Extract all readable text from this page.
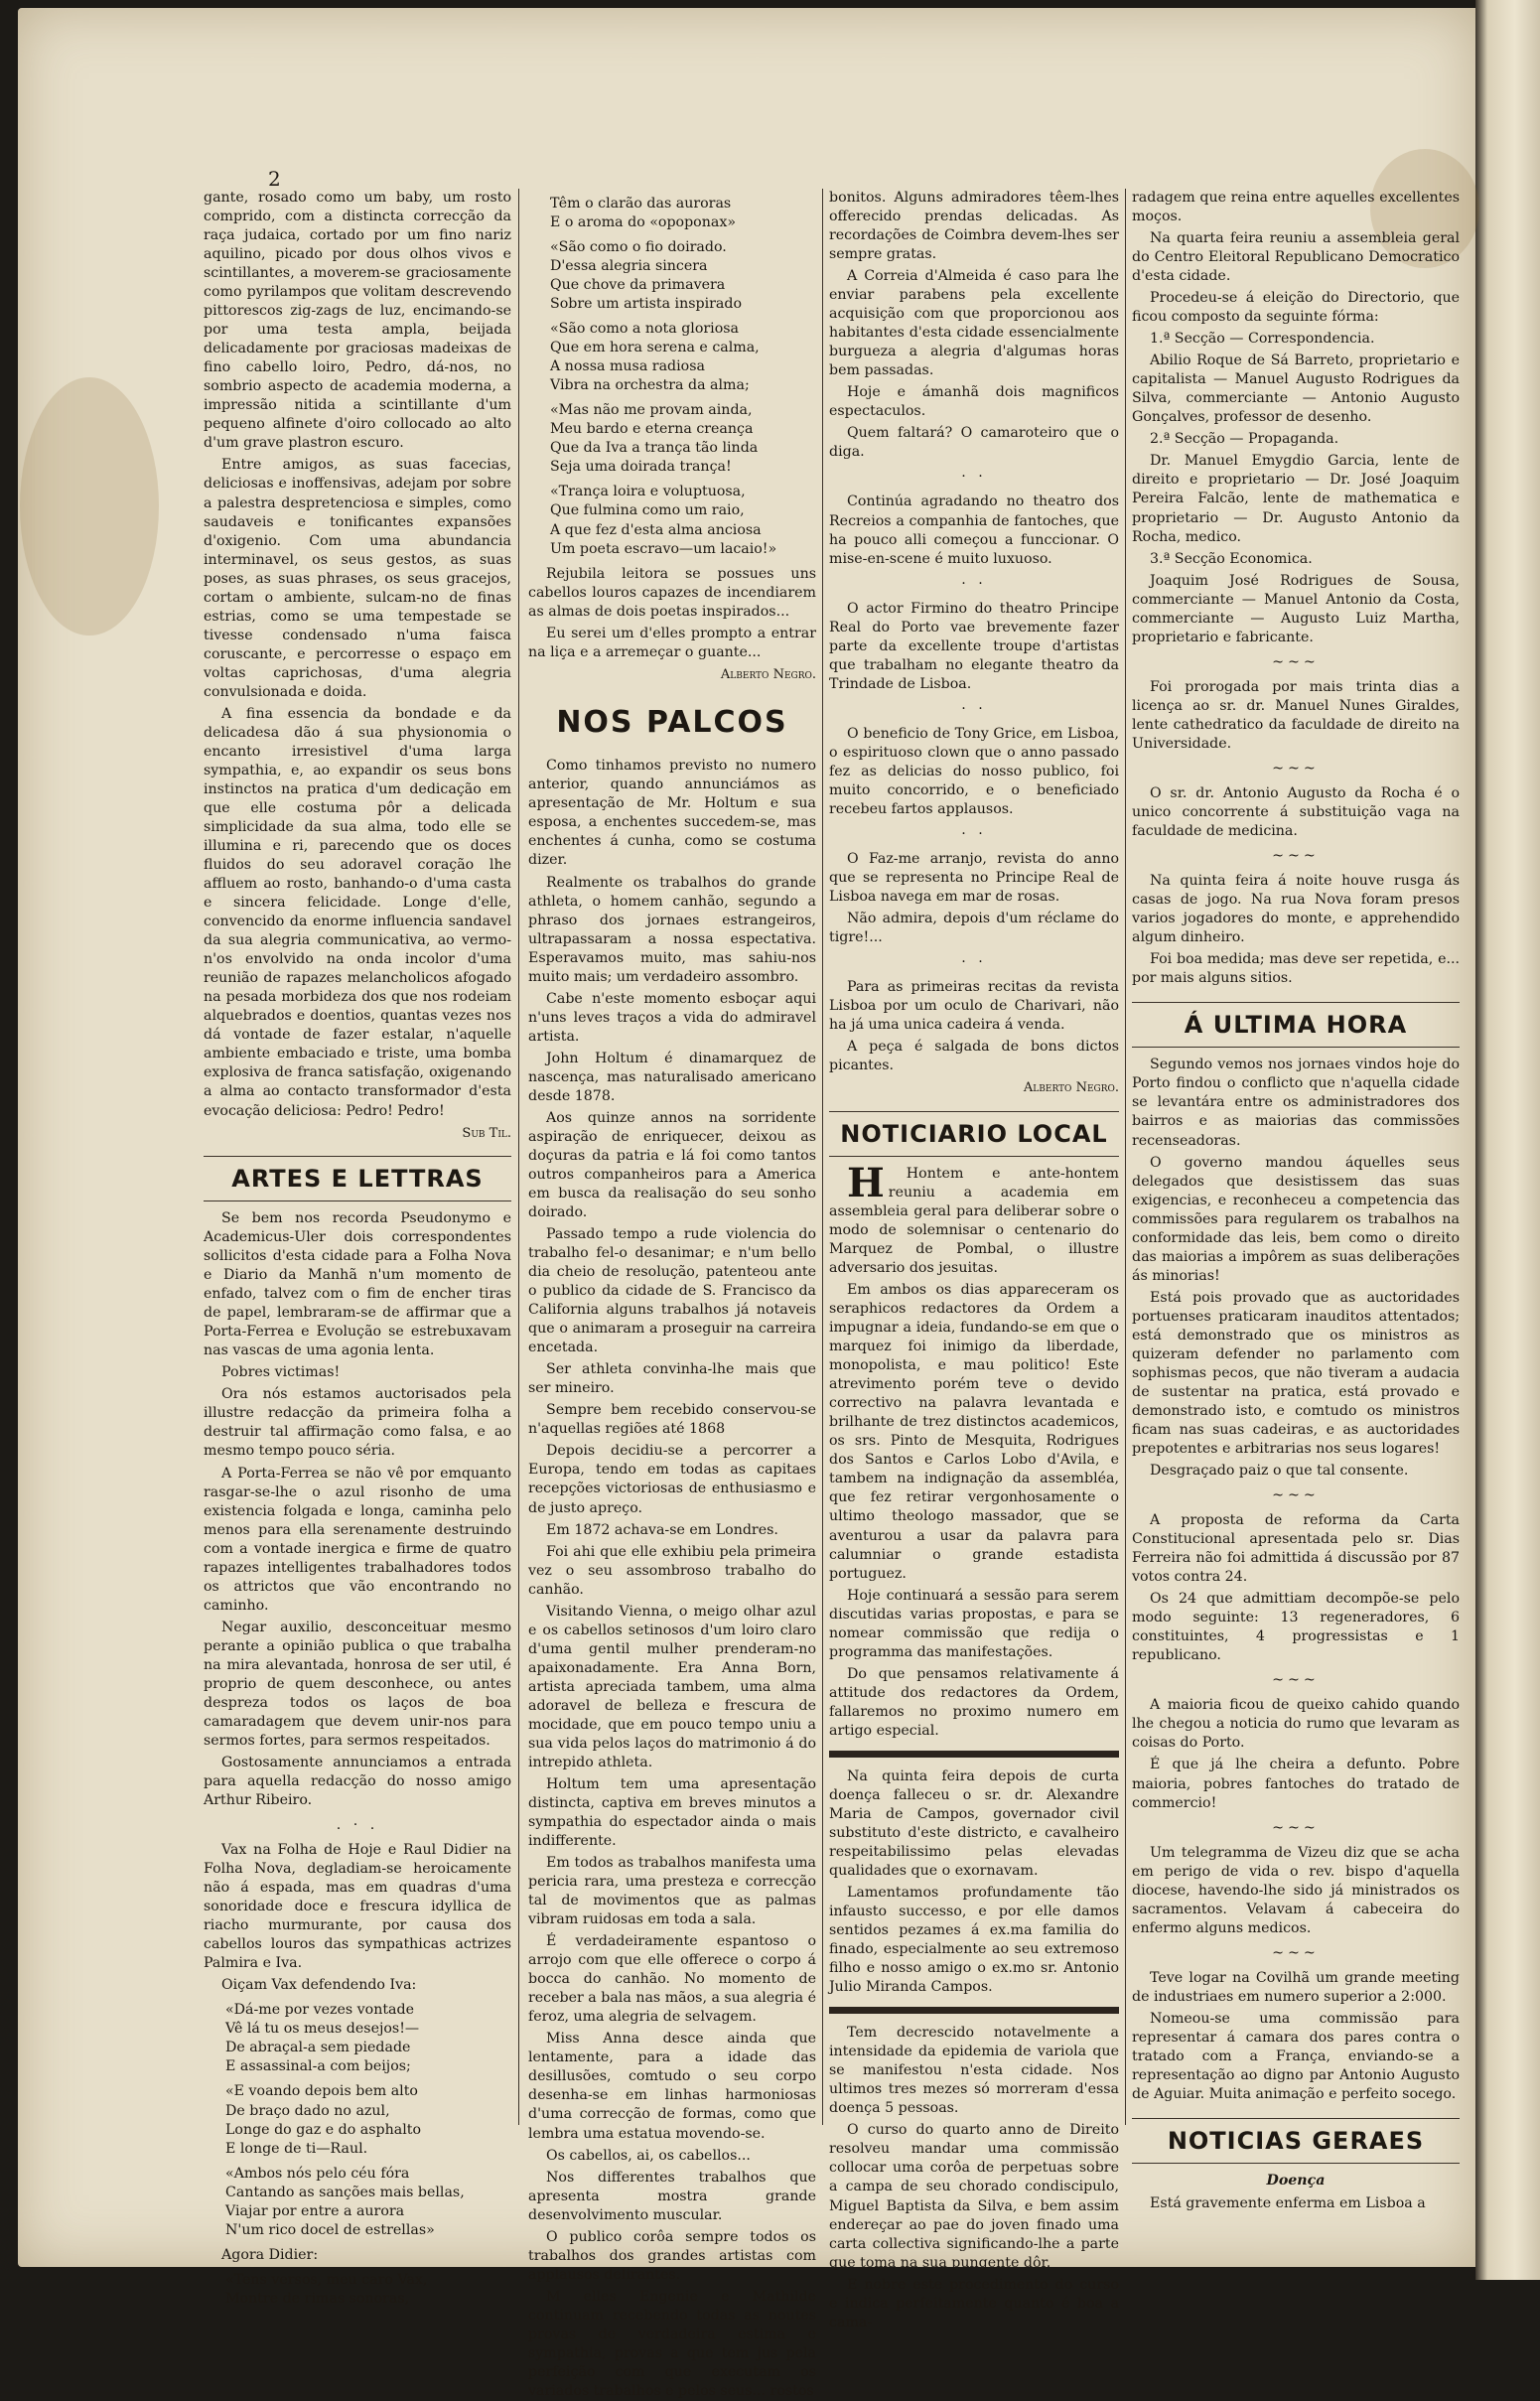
2

gante, rosado como um baby, um rosto comprido, com a distincta correcção da raça judaica, cortado por um fino nariz aquilino, picado por dous olhos vivos e scintillantes, a moverem-se graciosamente como pyrilampos que volitam descrevendo pittorescos zig-zags de luz, encimando-se por uma testa ampla, beijada delicadamente por graciosas madeixas de fino cabello loiro, Pedro, dá-nos, no sombrio aspecto de academia moderna, a impressão nitida a scintillante d'um pequeno alfinete d'oiro collocado ao alto d'um grave plastron escuro.

Entre amigos, as suas facecias, deliciosas e inoffensivas, adejam por sobre a palestra despretenciosa e simples, como saudaveis e tonificantes expansões d'oxigenio. Com uma abundancia interminavel, os seus gestos, as suas poses, as suas phrases, os seus gracejos, cortam o ambiente, sulcam-no de finas estrias, como se uma tempestade se tivesse condensado n'uma faisca coruscante, e percorresse o espaço em voltas caprichosas, d'uma alegria convulsionada e doida.

A fina essencia da bondade e da delicadesa dão á sua physionomia o encanto irresistivel d'uma larga sympathia, e, ao expandir os seus bons instinctos na pratica d'um dedicação em que elle costuma pôr a delicada simplicidade da sua alma, todo elle se illumina e ri, parecendo que os doces fluidos do seu adoravel coração lhe affluem ao rosto, banhando-o d'uma casta e sincera felicidade. Longe d'elle, convencido da enorme influencia sandavel da sua alegria communicativa, ao vermo-n'os envolvido na onda incolor d'uma reunião de rapazes melancholicos afogado na pesada morbideza dos que nos rodeiam alquebrados e doentios, quantas vezes nos dá vontade de fazer estalar, n'aquelle ambiente embaciado e triste, uma bomba explosiva de franca satisfação, oxigenando a alma ao contacto transformador d'esta evocação deliciosa: Pedro! Pedro!

Sub Til.
ARTES E LETTRAS

Se bem nos recorda Pseudonymo e Academicus-Uler dois correspondentes sollicitos d'esta cidade para a Folha Nova e Diario da Manhã n'um momento de enfado, talvez com o fim de encher tiras de papel, lembraram-se de affirmar que a Porta-Ferrea e Evolução se estrebuxavam nas vascas de uma agonia lenta.

Pobres victimas!

Ora nós estamos auctorisados pela illustre redacção da primeira folha a destruir tal affirmação como falsa, e ao mesmo tempo pouco séria.

A Porta-Ferrea se não vê por emquanto rasgar-se-lhe o azul risonho de uma existencia folgada e longa, caminha pelo menos para ella serenamente destruindo com a vontade inergica e firme de quatro rapazes intelligentes trabalhadores todos os attrictos que vão encontrando no caminho.

Negar auxilio, desconceituar mesmo perante a opinião publica o que trabalha na mira alevantada, honrosa de ser util, é proprio de quem desconhece, ou antes despreza todos os laços de boa camaradagem que devem unir-nos para sermos fortes, para sermos respeitados.

Gostosamente annunciamos a entrada para aquella redacção do nosso amigo Arthur Ribeiro.

. · .

Vax na Folha de Hoje e Raul Didier na Folha Nova, degladiam-se heroicamente não á espada, mas em quadras d'uma sonoridade doce e frescura idyllica de riacho murmurante, por causa dos cabellos louros das sympathicas actrizes Palmira e Iva.

Oiçam Vax defendendo Iva:

«Dá-me por vezes vontade
Vê lá tu os meus desejos!—
De abraçal-a sem piedade
E assassinal-a com beijos;
«E voando depois bem alto
De braço dado no azul,
Longe do gaz e do asphalto
E longe de ti—Raul.
«Ambos nós pelo céu fóra
Cantando as sanções mais bellas,
Viajar por entre a aurora
N'um rico docel de estrellas»

Agora Didier:

«Tens versos, meu caro Vax,
Montre de rimas sonoras,
Têm o clarão das auroras
E o aroma do «opoponax»
«São como o fio doirado.
D'essa alegria sincera
Que chove da primavera
Sobre um artista inspirado
«São como a nota gloriosa
Que em hora serena e calma,
A nossa musa radiosa
Vibra na orchestra da alma;
«Mas não me provam ainda,
Meu bardo e eterna creança
Que da Iva a trança tão linda
Seja uma doirada trança!
«Trança loira e voluptuosa,
Que fulmina como um raio,
A que fez d'esta alma anciosa
Um poeta escravo—um lacaio!»

Rejubila leitora se possues uns cabellos louros capazes de incendiarem as almas de dois poetas inspirados...

Eu serei um d'elles prompto a entrar na liça e a arremeçar o guante...

Alberto Negro.
NOS PALCOS

Como tinhamos previsto no numero anterior, quando annunciámos as apresentação de Mr. Holtum e sua esposa, a enchentes succedem-se, mas enchentes á cunha, como se costuma dizer.

Realmente os trabalhos do grande athleta, o homem canhão, segundo a phraso dos jornaes estrangeiros, ultrapassaram a nossa espectativa. Esperavamos muito, mas sahiu-nos muito mais; um verdadeiro assombro.

Cabe n'este momento esboçar aqui n'uns leves traços a vida do admiravel artista.

John Holtum é dinamarquez de nascença, mas naturalisado americano desde 1878.

Aos quinze annos na sorridente aspiração de enriquecer, deixou as doçuras da patria e lá foi como tantos outros companheiros para a America em busca da realisação do seu sonho doirado.

Passado tempo a rude violencia do trabalho fel-o desanimar; e n'um bello dia cheio de resolução, patenteou ante o publico da cidade de S. Francisco da California alguns trabalhos já notaveis que o animaram a proseguir na carreira encetada.

Ser athleta convinha-lhe mais que ser mineiro.

Sempre bem recebido conservou-se n'aquellas regiões até 1868

Depois decidiu-se a percorrer a Europa, tendo em todas as capitaes recepções victoriosas de enthusiasmo e de justo apreço.

Em 1872 achava-se em Londres.

Foi ahi que elle exhibiu pela primeira vez o seu assombroso trabalho do canhão.

Visitando Vienna, o meigo olhar azul e os cabellos setinosos d'um loiro claro d'uma gentil mulher prenderam-no apaixonadamente. Era Anna Born, artista apreciada tambem, uma alma adoravel de belleza e frescura de mocidade, que em pouco tempo uniu a sua vida pelos laços do matrimonio á do intrepido athleta.

Holtum tem uma apresentação distincta, captiva em breves minutos a sympathia do espectador ainda o mais indifferente.

Em todos as trabalhos manifesta uma pericia rara, uma presteza e correcção tal de movimentos que as palmas vibram ruidosas em toda a sala.

É verdadeiramente espantoso o arrojo com que elle offerece o corpo á bocca do canhão. No momento de receber a bala nas mãos, a sua alegria é feroz, uma alegria de selvagem.

Miss Anna desce ainda que lentamente, para a idade das desillusões, comtudo o seu corpo desenha-se em linhas harmoniosas d'uma correcção de formas, como que lembra uma estatua movendo-se.

Os cabellos, ai, os cabellos...

Nos differentes trabalhos que apresenta mostra grande desenvolvimento muscular.

O publico corôa sempre todos os trabalhos dos grandes artistas com applausos delirantes.

M elles Engenie e Mathilde continuam recebendo todas as noutes provas de verdadeira estima e sympathia, provas a que tem jus pela perfeição com que executam os variados trabalhos e pelos seus... rostos

bonitos. Alguns admiradores têem-lhes offerecido prendas delicadas. As recordações de Coimbra devem-lhes ser sempre gratas.

A Correia d'Almeida é caso para lhe enviar parabens pela excellente acquisição com que proporcionou aos habitantes d'esta cidade essencialmente burgueza a alegria d'algumas horas bem passadas.

Hoje e ámanhã dois magnificos espectaculos.

Quem faltará? O camaroteiro que o diga.

· ·

Continúa agradando no theatro dos Recreios a companhia de fantoches, que ha pouco alli começou a funccionar. O mise-en-scene é muito luxuoso.

· ·

O actor Firmino do theatro Principe Real do Porto vae brevemente fazer parte da excellente troupe d'artistas que trabalham no elegante theatro da Trindade de Lisboa.

· ·

O beneficio de Tony Grice, em Lisboa, o espirituoso clown que o anno passado fez as delicias do nosso publico, foi muito concorrido, e o beneficiado recebeu fartos applausos.

· ·

O Faz-me arranjo, revista do anno que se representa no Principe Real de Lisboa navega em mar de rosas.

Não admira, depois d'um réclame do tigre!...

· ·

Para as primeiras recitas da revista Lisboa por um oculo de Charivari, não ha já uma unica cadeira á venda.

A peça é salgada de bons dictos picantes.

Alberto Negro.
NOTICIARIO LOCAL

H Hontem e ante-hontem reuniu a academia em assembleia geral para deliberar sobre o modo de solemnisar o centenario do Marquez de Pombal, o illustre adversario dos jesuitas.

Em ambos os dias appareceram os seraphicos redactores da Ordem a impugnar a ideia, fundando-se em que o marquez foi inimigo da liberdade, monopolista, e mau politico! Este atrevimento porém teve o devido correctivo na palavra levantada e brilhante de trez distinctos academicos, os srs. Pinto de Mesquita, Rodrigues dos Santos e Carlos Lobo d'Avila, e tambem na indignação da assembléa, que fez retirar vergonhosamente o ultimo theologo massador, que se aventurou a usar da palavra para calumniar o grande estadista portuguez.

Hoje continuará a sessão para serem discutidas varias propostas, e para se nomear commissão que redija o programma das manifestações.

Do que pensamos relativamente á attitude dos redactores da Ordem, fallaremos no proximo numero em artigo especial.

Na quinta feira depois de curta doença falleceu o sr. dr. Alexandre Maria de Campos, governador civil substituto d'este districto, e cavalheiro respeitabilissimo pelas elevadas qualidades que o exornavam.

Lamentamos profundamente tão infausto successo, e por elle damos sentidos pezames á ex.ma familia do finado, especialmente ao seu extremoso filho e nosso amigo o ex.mo sr. Antonio Julio Miranda Campos.

Tem decrescido notavelmente a intensidade da epidemia de variola que se manifestou n'esta cidade. Nos ultimos tres mezes só morreram d'essa doença 5 pessoas.

O curso do quarto anno de Direito resolveu mandar uma commissão collocar uma corôa de perpetuas sobre a campa de seu chorado condiscipulo, Miguel Baptista da Silva, e bem assim endereçar ao pae do joven finado uma carta collectiva significando-lhe a parte que toma na sua pungente dôr.

E nobre este procedimento do curso e indica perfeitamente quanto é boa a cama-

radagem que reina entre aquelles excellentes moços.

Na quarta feira reuniu a assembleia geral do Centro Eleitoral Republicano Democratico d'esta cidade.

Procedeu-se á eleição do Directorio, que ficou composto da seguinte fórma:

1.ª Secção — Correspondencia.

Abilio Roque de Sá Barreto, proprietario e capitalista — Manuel Augusto Rodrigues da Silva, commerciante — Antonio Augusto Gonçalves, professor de desenho.

2.ª Secção — Propaganda.

Dr. Manuel Emygdio Garcia, lente de direito e proprietario — Dr. José Joaquim Pereira Falcão, lente de mathematica e proprietario — Dr. Augusto Antonio da Rocha, medico.

3.ª Secção Economica.

Joaquim José Rodrigues de Sousa, commerciante — Manuel Antonio da Costa, commerciante — Augusto Luiz Martha, proprietario e fabricante.

~~~

Foi prorogada por mais trinta dias a licença ao sr. dr. Manuel Nunes Giraldes, lente cathedratico da faculdade de direito na Universidade.

~~~

O sr. dr. Antonio Augusto da Rocha é o unico concorrente á substituição vaga na faculdade de medicina.

~~~

Na quinta feira á noite houve rusga ás casas de jogo. Na rua Nova foram presos varios jogadores do monte, e apprehendido algum dinheiro.

Foi boa medida; mas deve ser repetida, e... por mais alguns sitios.

Á ULTIMA HORA

Segundo vemos nos jornaes vindos hoje do Porto findou o conflicto que n'aquella cidade se levantára entre os administradores dos bairros e as maiorias das commissões recenseadoras.

O governo mandou áquelles seus delegados que desistissem das suas exigencias, e reconheceu a competencia das commissões para regularem os trabalhos na conformidade das leis, bem como o direito das maiorias a impôrem as suas deliberações ás minorias!

Está pois provado que as auctoridades portuenses praticaram inauditos attentados; está demonstrado que os ministros as quizeram defender no parlamento com sophismas pecos, que não tiveram a audacia de sustentar na pratica, está provado e demonstrado isto, e comtudo os ministros ficam nas suas cadeiras, e as auctoridades prepotentes e arbitrarias nos seus logares!

Desgraçado paiz o que tal consente.

~~~

A proposta de reforma da Carta Constitucional apresentada pelo sr. Dias Ferreira não foi admittida á discussão por 87 votos contra 24.

Os 24 que admittiam decompõe-se pelo modo seguinte: 13 regeneradores, 6 constituintes, 4 progressistas e 1 republicano.

~~~

A maioria ficou de queixo cahido quando lhe chegou a noticia do rumo que levaram as coisas do Porto.

É que já lhe cheira a defunto. Pobre maioria, pobres fantoches do tratado de commercio!

~~~

Um telegramma de Vizeu diz que se acha em perigo de vida o rev. bispo d'aquella diocese, havendo-lhe sido já ministrados os sacramentos. Velavam á cabeceira do enfermo alguns medicos.

~~~

Teve logar na Covilhã um grande meeting de industriaes em numero superior a 2:000.

Nomeou-se uma commissão para representar á camara dos pares contra o tratado com a França, enviando-se a representação ao digno par Antonio Augusto de Aguiar. Muita animação e perfeito socego.

NOTICIAS GERAES
Doença

Está gravemente enferma em Lisboa a
